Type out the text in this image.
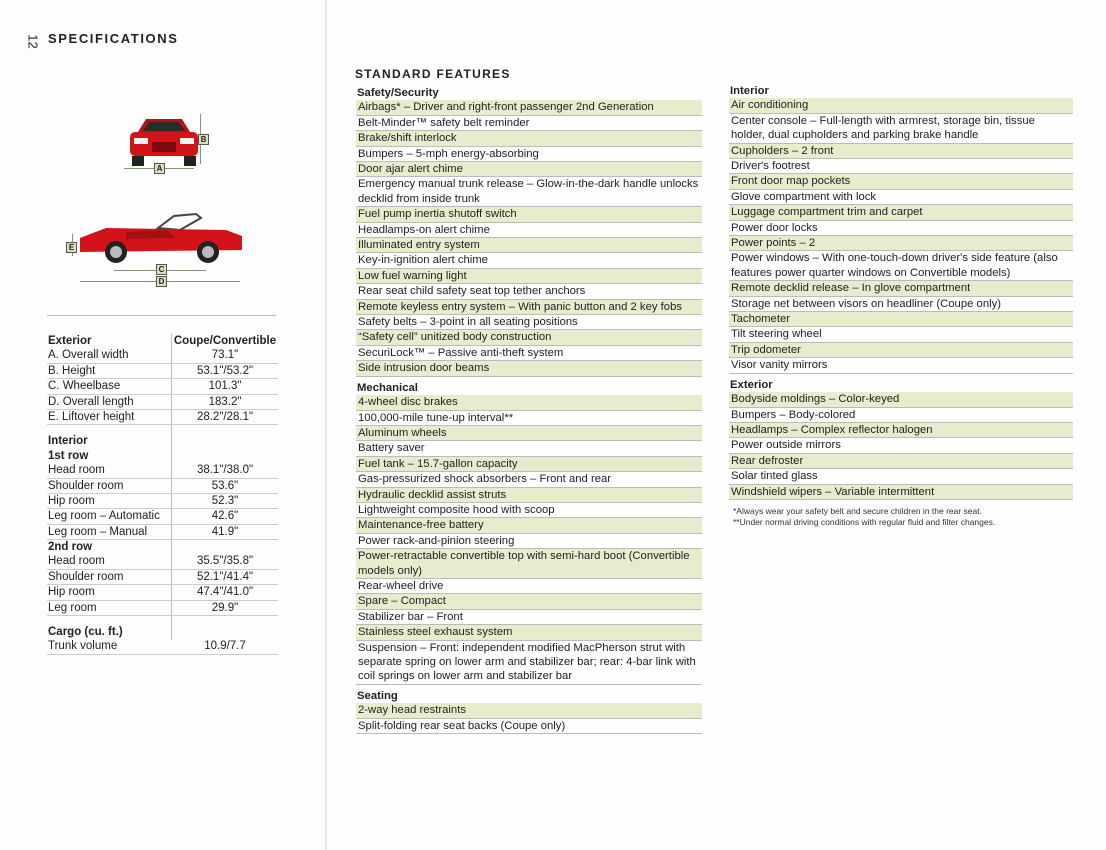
12 SPECIFICATIONS
A
B
E
C
D
Exterior	Coupe/Convertible
A. Overall width	73.1"
B. Height	53.1"/53.2"
C. Wheelbase	101.3"
D. Overall length	183.2"
E. Liftover height	28.2"/28.1"
Interior
1st row
Head room	38.1"/38.0"
Shoulder room	53.6"
Hip room	52.3"
Leg room – Automatic	42.6"
Leg room – Manual	41.9"
2nd row
Head room	35.5"/35.8"
Shoulder room	52.1"/41.4"
Hip room	47.4"/41.0"
Leg room	29.9"
Cargo (cu. ft.)
Trunk volume	10.9/7.7
STANDARD FEATURES
Safety/Security
Airbags* – Driver and right-front passenger 2nd Generation
Belt-Minder™ safety belt reminder
Brake/shift interlock
Bumpers – 5-mph energy-absorbing
Door ajar alert chime
Emergency manual trunk release – Glow-in-the-dark handle unlocks decklid from inside trunk
Fuel pump inertia shutoff switch
Headlamps-on alert chime
Illuminated entry system
Key-in-ignition alert chime
Low fuel warning light
Rear seat child safety seat top tether anchors
Remote keyless entry system – With panic button and 2 key fobs
Safety belts – 3-point in all seating positions
“Safety cell” unitized body construction
SecuriLock™ – Passive anti-theft system
Side intrusion door beams
Mechanical
4-wheel disc brakes
100,000-mile tune-up interval**
Aluminum wheels
Battery saver
Fuel tank – 15.7-gallon capacity
Gas-pressurized shock absorbers – Front and rear
Hydraulic decklid assist struts
Lightweight composite hood with scoop
Maintenance-free battery
Power rack-and-pinion steering
Power-retractable convertible top with semi-hard boot (Convertible models only)
Rear-wheel drive
Spare – Compact
Stabilizer bar – Front
Stainless steel exhaust system
Suspension – Front: independent modified MacPherson strut with separate spring on lower arm and stabilizer bar; rear: 4-bar link with coil springs on lower arm and stabilizer bar
Seating
2-way head restraints
Split-folding rear seat backs (Coupe only)
Interior
Air conditioning
Center console – Full-length with armrest, storage bin, tissue holder, dual cupholders and parking brake handle
Cupholders – 2 front
Driver's footrest
Front door map pockets
Glove compartment with lock
Luggage compartment trim and carpet
Power door locks
Power points – 2
Power windows – With one-touch-down driver's side feature (also features power quarter windows on Convertible models)
Remote decklid release – In glove compartment
Storage net between visors on headliner (Coupe only)
Tachometer
Tilt steering wheel
Trip odometer
Visor vanity mirrors
Exterior
Bodyside moldings – Color-keyed
Bumpers – Body-colored
Headlamps – Complex reflector halogen
Power outside mirrors
Rear defroster
Solar tinted glass
Windshield wipers – Variable intermittent
*Always wear your safety belt and secure children in the rear seat.
**Under normal driving conditions with regular fluid and filter changes.
